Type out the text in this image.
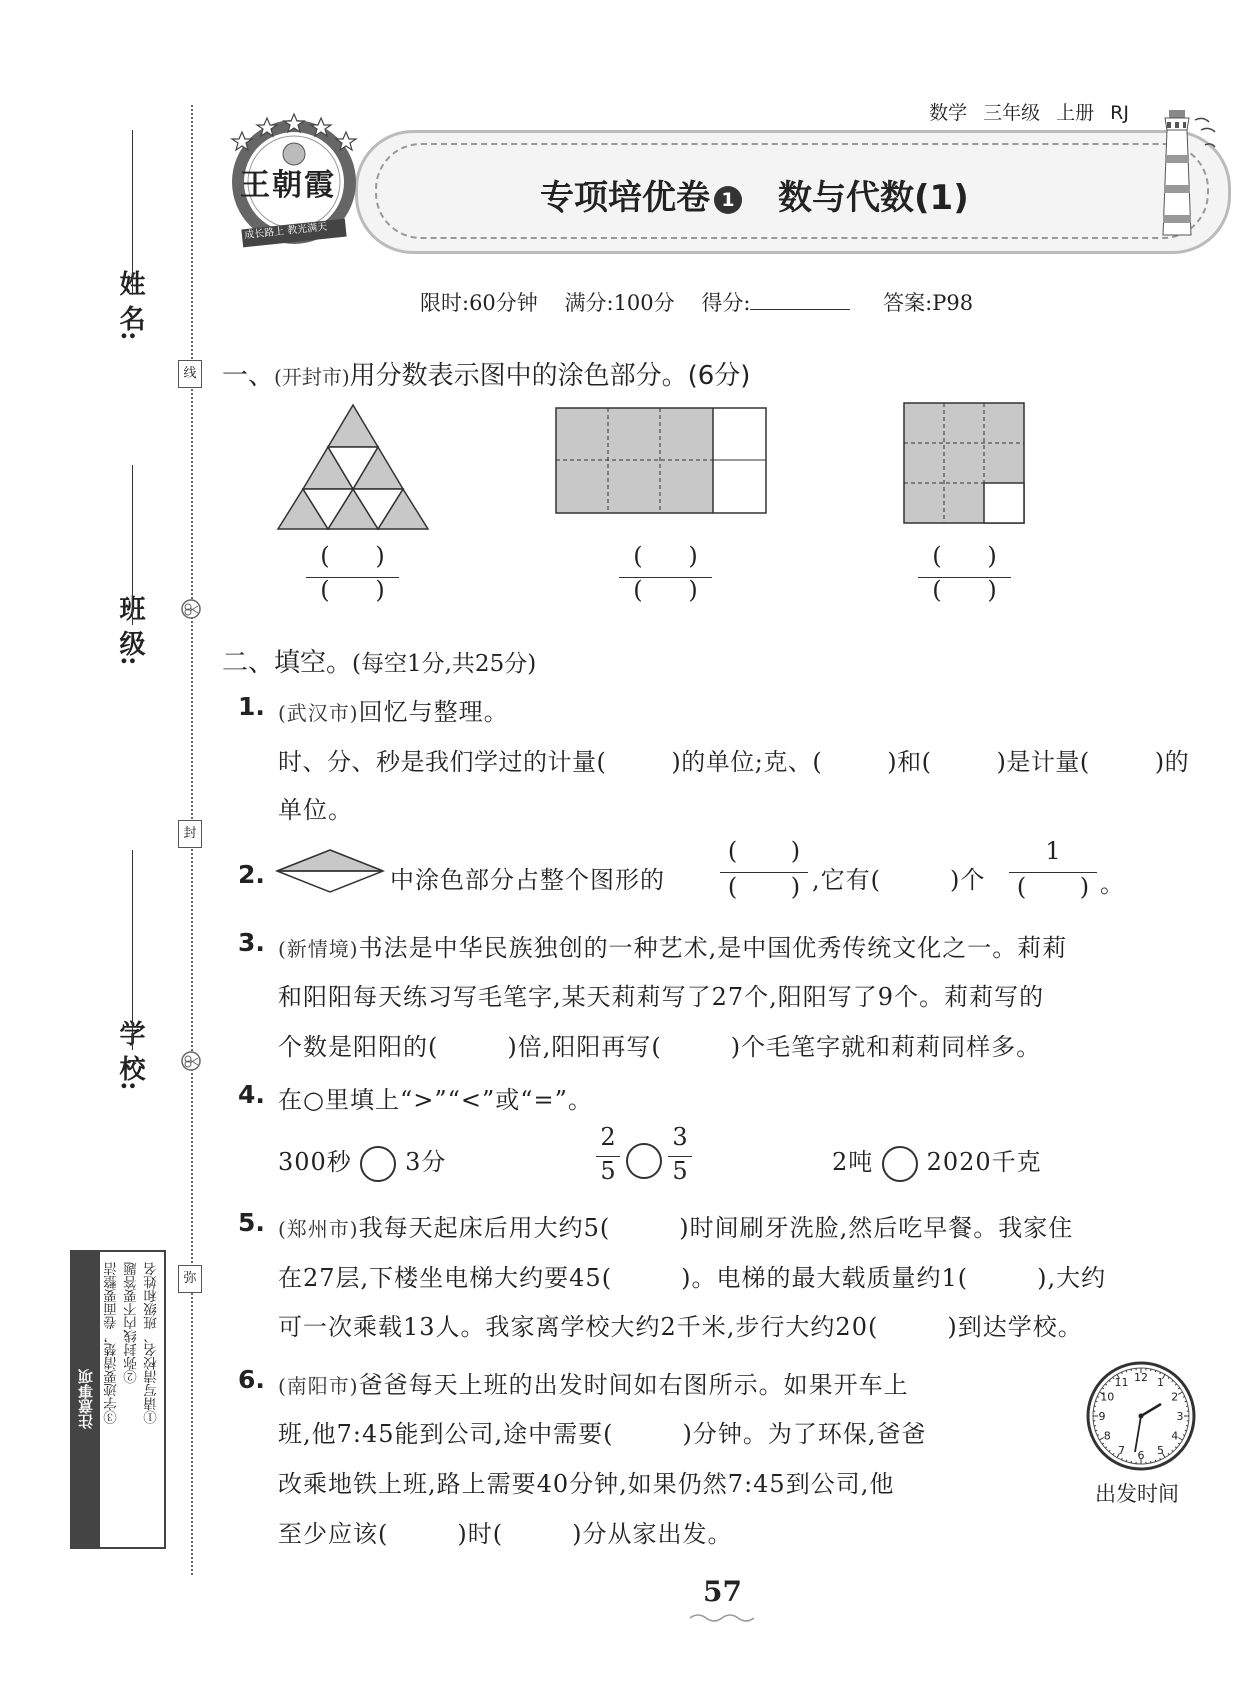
姓 名:
班 级:
学 校:
线
封
弥
注意事项 ③字迹要清楚，卷面要整洁 ②弥封线内不要答题 ①请写清校名、班级和姓名
数学 三年级 上册 RJ
王朝霞
成长路上 教光满天
专项培优卷 1 数与代数(1)
限时:60分钟 满分:100分 得分:	答案:P98
一、(开封市)用分数表示图中的涂色部分。(6分)
(      )
(      )
(      )
(      )
(      )
(      )
二、填空。(每空1分,共25分)
1. (武汉市)回忆与整理。
时、分、秒是我们学过的计量(        )的单位;克、(        )和(        )是计量(        )的
单位。
2.	中涂色部分占整个图形的
(       )
(       ) ,它有(        )个
1
(       ) 。
3. (新情境)书法是中华民族独创的一种艺术,是中国优秀传统文化之一。莉莉
和阳阳每天练习写毛笔字,某天莉莉写了27个,阳阳写了9个。莉莉写的
个数是阳阳的(        )倍,阳阳再写(        )个毛笔字就和莉莉同样多。
4. 在○里填上“>”“<”或“=”。
300秒 3分
2
5
3
5	2吨 2020千克
5. (郑州市)我每天起床后用大约5(        )时间刷牙洗脸,然后吃早餐。我家住
在27层,下楼坐电梯大约要45(        )。电梯的最大载质量约1(        ),大约
可一次乘载13人。我家离学校大约2千米,步行大约20(        )到达学校。
6. (南阳市)爸爸每天上班的出发时间如右图所示。如果开车上
班,他7:45能到公司,途中需要(        )分钟。为了环保,爸爸
改乘地铁上班,路上需要40分钟,如果仍然7:45到公司,他
至少应该(        )时(        )分从家出发。
12 1
2
3
4
5
6
7
8
9
10
11
出发时间
57
